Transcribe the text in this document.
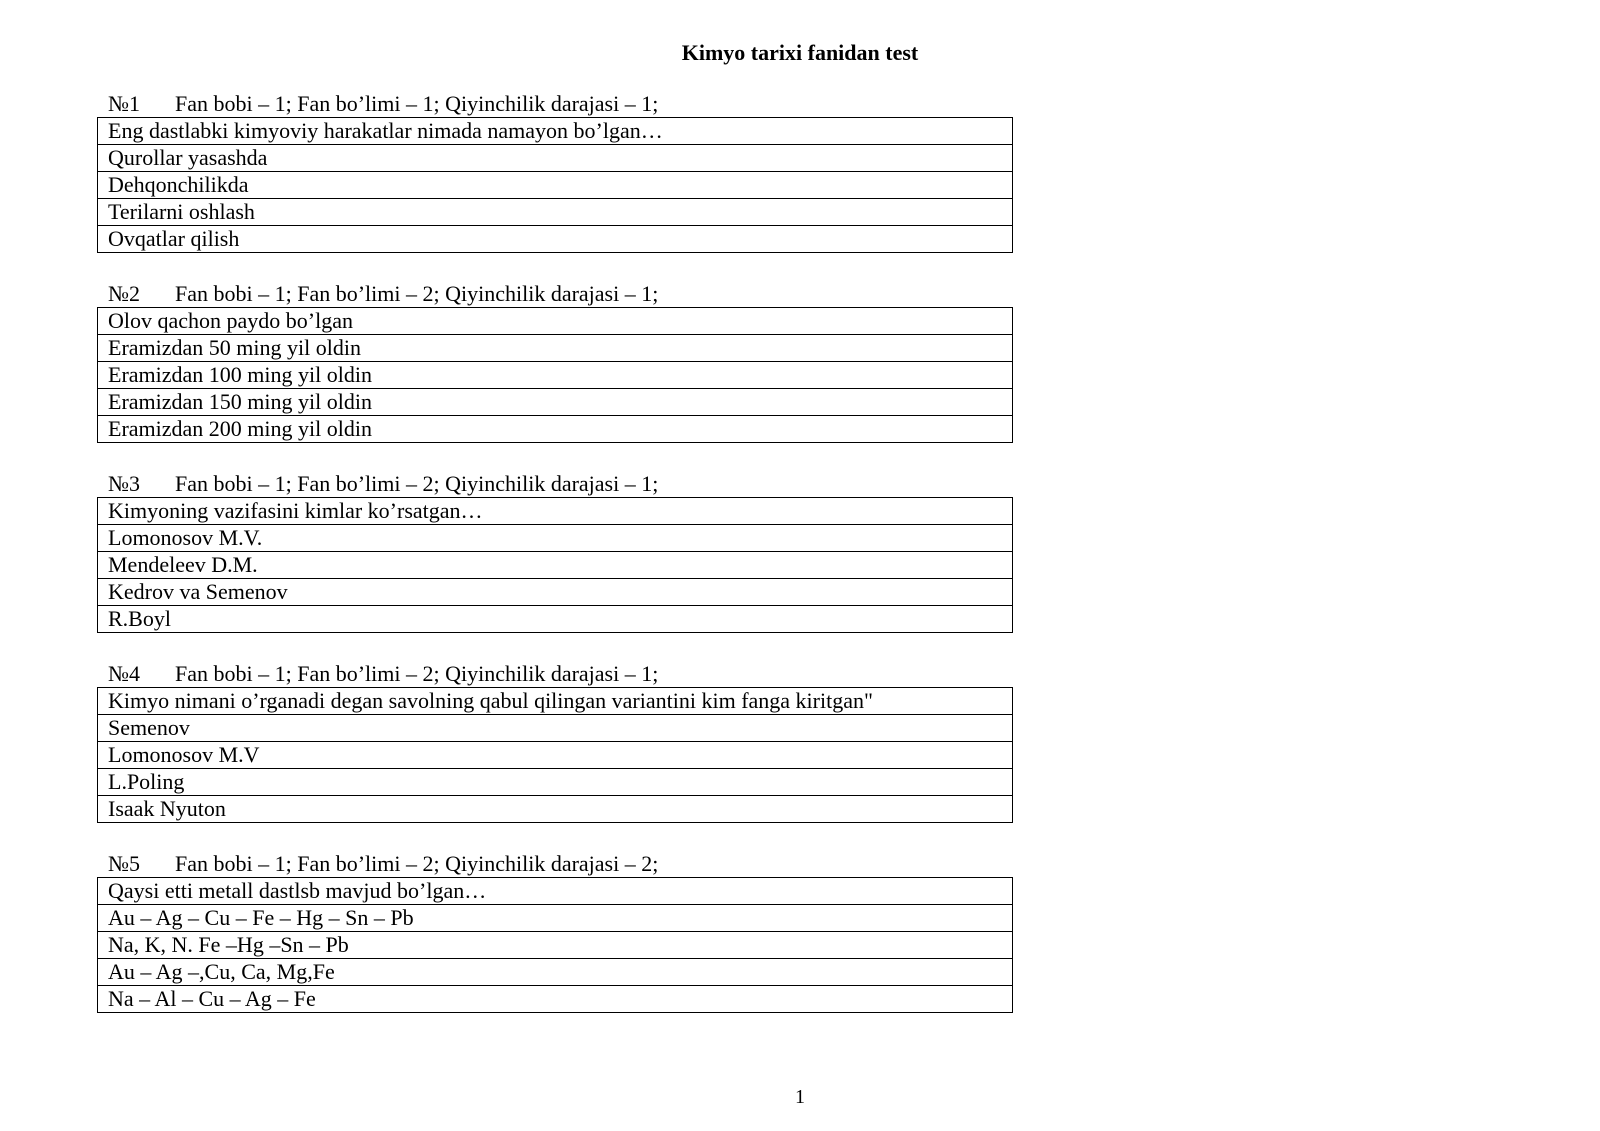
Kimyo tarixi fanidan test
№1 Fan bobi – 1; Fan bo’limi – 1; Qiyinchilik darajasi – 1;
Eng dastlabki kimyoviy harakatlar nimada namayon bo’lgan…
Qurollar yasashda
Dehqonchilikda
Terilarni oshlash
Ovqatlar qilish
№2 Fan bobi – 1; Fan bo’limi – 2; Qiyinchilik darajasi – 1;
Olov qachon paydo bo’lgan
Eramizdan 50 ming yil oldin
Eramizdan 100 ming yil oldin
Eramizdan 150 ming yil oldin
Eramizdan 200 ming yil oldin
№3 Fan bobi – 1; Fan bo’limi – 2; Qiyinchilik darajasi – 1;
Kimyoning vazifasini kimlar ko’rsatgan…
Lomonosov M.V.
Mendeleev D.M.
Kedrov va Semenov
R.Boyl
№4 Fan bobi – 1; Fan bo’limi – 2; Qiyinchilik darajasi – 1;
Kimyo nimani o’rganadi degan savolning qabul qilingan variantini kim fanga kiritgan"
Semenov
Lomonosov M.V
L.Poling
Isaak Nyuton
№5 Fan bobi – 1; Fan bo’limi – 2; Qiyinchilik darajasi – 2;
Qaysi etti metall dastlsb mavjud bo’lgan…
Au – Ag – Cu – Fe – Hg – Sn – Pb
Na, K, N. Fe –Hg –Sn – Pb
Au – Ag –,Cu, Ca, Mg,Fe
Na – Al – Cu – Ag – Fe
1
